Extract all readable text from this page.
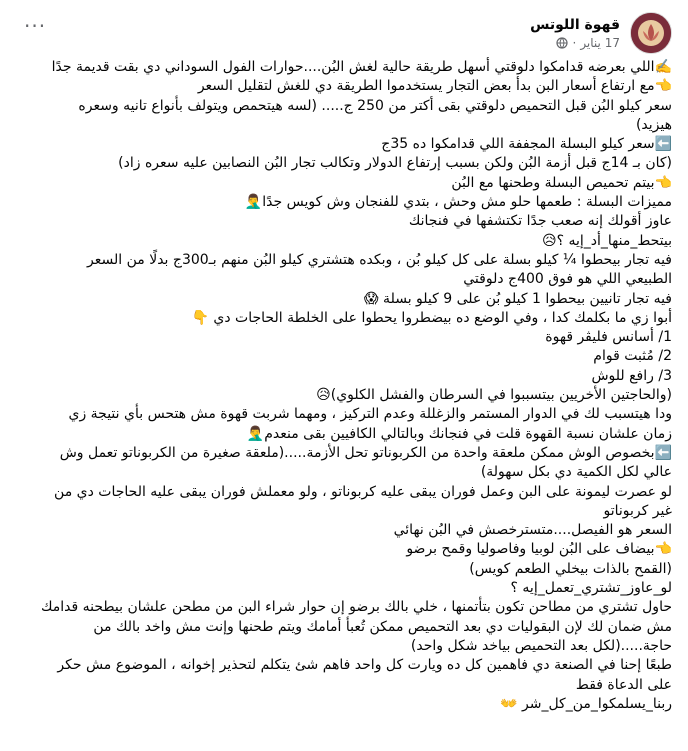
قهوة اللوتس
17 يناير
·
···
✍️اللي بعرضه قدامكوا دلوقتي أسهل طريقة حالية لغش البُن....حوارات الفول السوداني دي بقت قديمة جدًا
👈مع ارتفاع أسعار البن بدأ بعض التجار يستخدموا الطريقة دي للغش لتقليل السعر
سعر كيلو البُن قبل التحميص دلوقتي بقى أكتر من 250 ج..... (لسه هيتحمص ويتولف بأنواع تانيه وسعره
هيزيد)
⬅️سعر كيلو البسلة المجففة اللي قدامكوا ده 35ج
(كان بـ 14ج قبل أزمة البُن ولكن بسبب إرتفاع الدولار وتكالب تجار البُن النصابين عليه سعره زاد)
👈بيتم تحميص البسلة وطحنها مع البُن
مميزات البسلة : طعمها حلو مش وحش ، بتدي للفنجان وش كويس جدًا🤦‍♂️
عاوز أقولك إنه صعب جدًا تكتشفها في فنجانك
بيتحط_منها_أد_إيه ؟😥
فيه تجار بيحطوا ¼ كيلو بسلة على كل كيلو بُن ، وبكده هتشتري كيلو البُن منهم بـ300ج بدلًا من السعر
الطبيعي اللي هو فوق 400ج دلوقتي
فيه تجار تانيين بيحطوا 1 كيلو بُن على 9 كيلو بسلة 😱
أبوا زي ما بكلمك كدا ، وفي الوضع ده بيضطروا يحطوا على الخلطة الحاجات دي 👇
1/ أسانس فليڤر قهوة
2/ مُثبت قوام
3/ رافع للوش
(والحاجتين الأخريين بيتسببوا في السرطان والفشل الكلوي)😥
ودا هيتسبب لك في الدوار المستمر والزغللة وعدم التركيز ، ومهما شربت قهوة مش هتحس بأي نتيجة زي
زمان علشان نسبة القهوة قلت في فنجانك وبالتالي الكافيين بقى منعدم🤦‍♂️
⬅️بخصوص الوش ممكن ملعقة واحدة من الكربوناتو تحل الأزمة.....(ملعقة صغيرة من الكربوناتو تعمل وش
عالي لكل الكمية دي بكل سهولة)
لو عصرت ليمونة على البن وعمل فوران يبقى عليه كربوناتو ، ولو معملش فوران يبقى عليه الحاجات دي من
غير كربوناتو
السعر هو الفيصل....متسترخصش في البُن نهائي
👈بيضاف على البُن لوبيا وفاصوليا وقمح برضو
(القمح بالذات بيخلي الطعم كويس)
لو_عاوز_تشتري_تعمل_إيه ؟
حاول تشتري من مطاحن تكون بتأتمنها ، خلي بالك برضو إن حوار شراء البن من مطحن علشان بيطحنه قدامك
مش ضمان لك لإن البقوليات دي بعد التحميص ممكن تُعبأ أمامك ويتم طحنها وإنت مش واخد بالك من
حاجة.....(لكل بعد التحميص بياخد شكل واحد)
طبعًا إحنا في الصنعة دي فاهمين كل ده ويارت كل واحد فاهم شئ يتكلم لتحذير إخوانه ، الموضوع مش حكر
على الدعاة فقط
ربنا_يسلمكوا_من_كل_شر 👐
